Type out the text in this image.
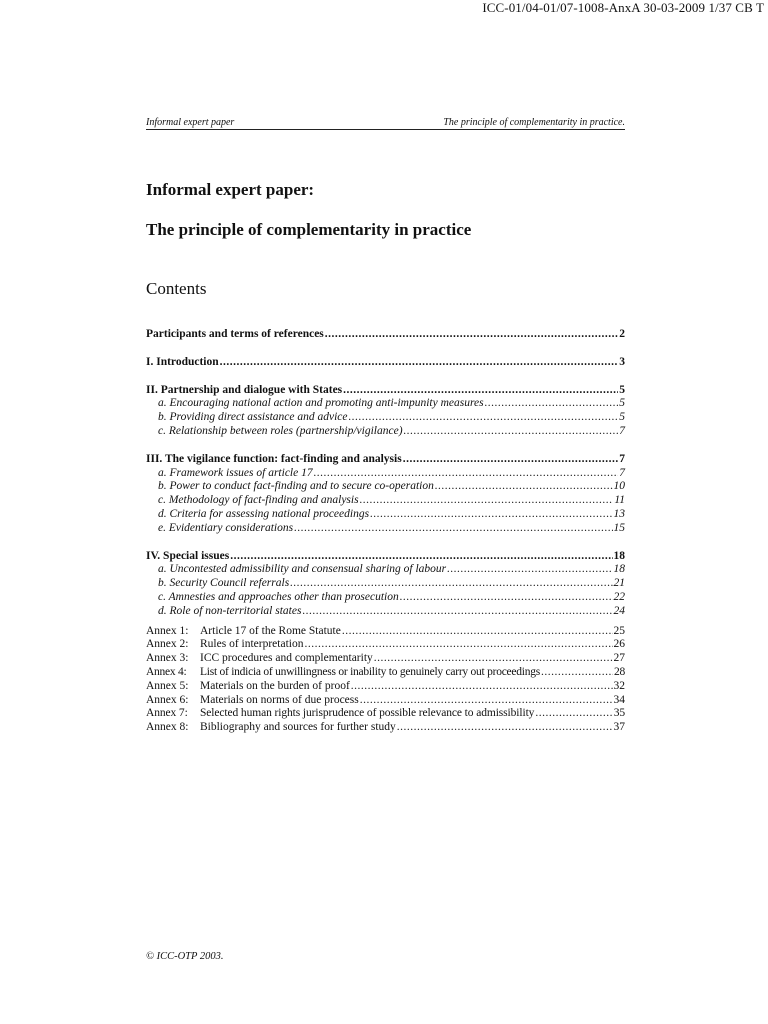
ICC-01/04-01/07-1008-AnxA 30-03-2009 1/37 CB T
Informal expert paper	The principle of complementarity in practice.
Informal expert paper:
The principle of complementarity in practice
Contents
Participants and terms of references .....	2
I. Introduction .....	3
II. Partnership and dialogue with States .....	5
a. Encouraging national action and promoting anti-impunity measures .....	5
b. Providing direct assistance and advice .....	5
c. Relationship between roles (partnership/vigilance) .....	7
III. The vigilance function: fact-finding and analysis .....	7
a. Framework issues of article 17 .....	7
b. Power to conduct fact-finding and to secure co-operation .....	10
c. Methodology of fact-finding and analysis .....	11
d. Criteria for assessing national proceedings .....	13
e. Evidentiary considerations .....	15
IV. Special issues .....	18
a. Uncontested admissibility and consensual sharing of labour .....	18
b. Security Council referrals .....	21
c. Amnesties and approaches other than prosecution .....	22
d. Role of non-territorial states .....	24
Annex 1: Article 17 of the Rome Statute .....	25
Annex 2: Rules of interpretation .....	26
Annex 3: ICC procedures and complementarity .....	27
Annex 4: List of indicia of unwillingness or inability to genuinely carry out proceedings .....	28
Annex 5: Materials on the burden of proof .....	32
Annex 6: Materials on norms of due process .....	34
Annex 7: Selected human rights jurisprudence of possible relevance to admissibility .....	35
Annex 8: Bibliography and sources for further study .....	37
© ICC-OTP 2003.
